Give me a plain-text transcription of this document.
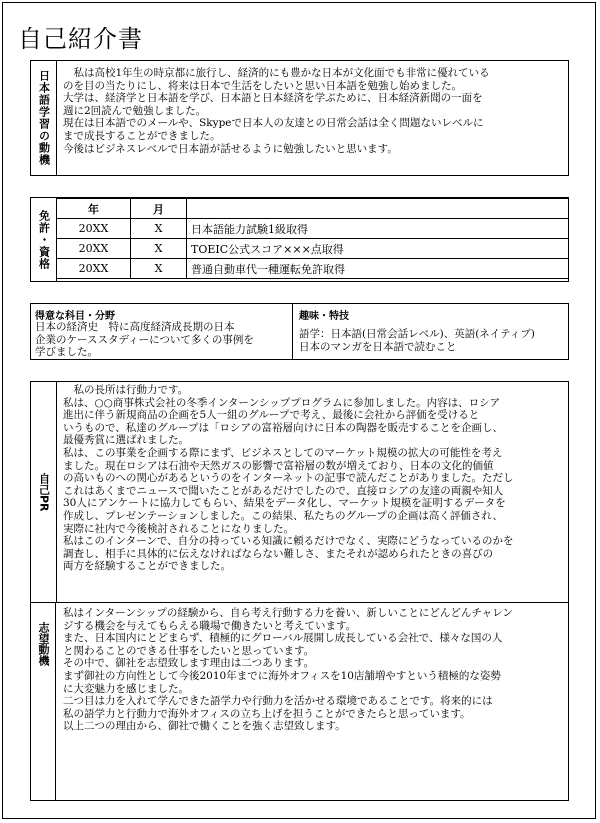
自己紹介書
日本語学習の動機	　私は高校1年生の時京都に旅行し、経済的にも豊かな日本が文化面でも非常に優れている
のを目の当たりにし、将来は日本で生活をしたいと思い日本語を勉強し始めました。
大学は、経済学と日本語を学び、日本語と日本経済を学ぶために、日本経済新聞の一面を
週に2回読んで勉強しました。
現在は日本語でのメールや、Skypeで日本人の友達との日常会話は全く問題ないレベルに
まで成長することができました。
今後はビジネスレベルで日本語が話せるように勉強したいと思います。
免許・資格
年	月	
20XX	X	日本語能力試験1級取得
20XX	X	TOEIC公式スコア×××点取得
20XX	X	普通自動車代一種運転免許取得
得意な科目・分野
日本の経済史　特に高度経済成長期の日本
企業のケーススタディーについて多くの事例を
学びました。
趣味・特技
語学：日本語(日常会話レベル)、英語(ネイティブ)
日本のマンガを日本語で読むこと
自己PR
　私の長所は行動力です。
私は、○○商事株式会社の冬季インターンシッププログラムに参加しました。内容は、ロシア
進出に伴う新規商品の企画を5人一組のグループで考え、最後に会社から評価を受けると
いうもので、私達のグループは「ロシアの富裕層向けに日本の陶器を販売することを企画し、
最優秀賞に選ばれました。
私は、この事業を企画する際にまず、ビジネスとしてのマーケット規模の拡大の可能性を考え
ました。現在ロシアは石油や天然ガスの影響で富裕層の数が増えており、日本の文化的価値
の高いものへの関心があるというのをインターネットの記事で読んだことがありました。ただし
これはあくまでニュースで聞いたことがあるだけでしたので、直接ロシアの友達の両親や知人
30人にアンケートに協力してもらい、結果をデータ化し、マーケット規模を証明するデータを
作成し、プレゼンテーションしました。この結果、私たちのグループの企画は高く評価され、
実際に社内で今後検討されることになりました。
私はこのインターンで、自分の持っている知識に頼るだけでなく、実際にどうなっているのかを
調査し、相手に具体的に伝えなければならない難しさ、またそれが認められたときの喜びの
両方を経験することができました。
志望動機
私はインターンシップの経験から、自ら考え行動する力を養い、新しいことにどんどんチャレン
ジする機会を与えてもらえる職場で働きたいと考えています。
また、日本国内にとどまらず、積極的にグローバル展開し成長している会社で、様々な国の人
と関わることのできる仕事をしたいと思っています。
その中で、御社を志望致します理由は二つあります。
まず御社の方向性として今後2010年までに海外オフィスを10店舗増やすという積極的な姿勢
に大変魅力を感じました。
二つ目は力を入れて学んできた語学力や行動力を活かせる環境であることです。将来的には
私の語学力と行動力で海外オフィスの立ち上げを担うことができたらと思っています。
以上二つの理由から、御社で働くことを強く志望致します。
